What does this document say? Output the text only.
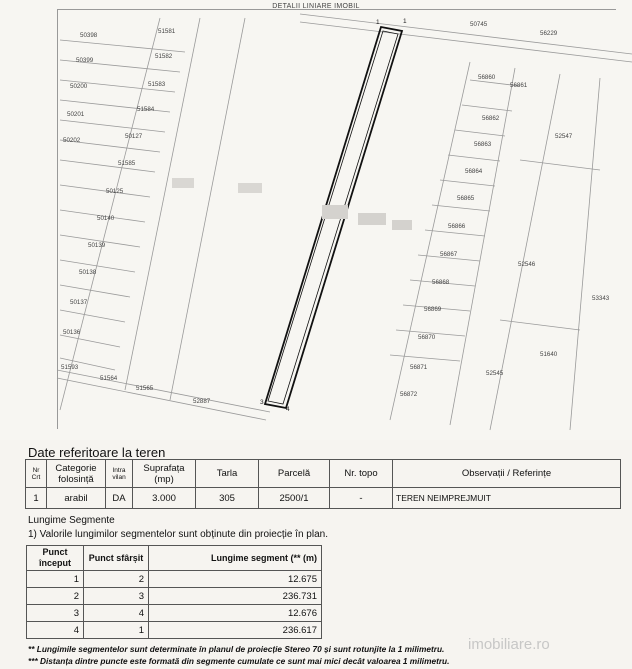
50398
51581
50399
51582
50200	51583
50201
51584
50202
50127
51585
50125
50140
50139
50138
50137
50136
51593
51564
51565
52887
50745
56229
56860
56861
56862
52547
56863
56864
56865
56866
56867
52546
56868
53343
56869
56870
56871
51640
52545
56872
1	1
3
4
DETALII LINIARE IMOBIL
Date referitoare la teren
Nr Crt	Categorie folosință	Intra vilan	Suprafața (mp)	Tarla	Parcelă	Nr. topo	Observații / Referințe
1	arabil	DA	3.000	305	2500/1	-	TEREN NEIMPREJMUIT
Lungime Segmente
1) Valorile lungimilor segmentelor sunt obținute din proiecție în plan.
Punct început	Punct sfârșit	Lungime segment (** (m)
1	2	12.675
2	3	236.731
3	4	12.676
4	1	236.617
** Lungimile segmentelor sunt determinate în planul de proiecție Stereo 70 și sunt rotunjite la 1 milimetru.
*** Distanța dintre puncte este formată din segmente cumulate ce sunt mai mici decât valoarea 1 milimetru.
imobiliare.ro
